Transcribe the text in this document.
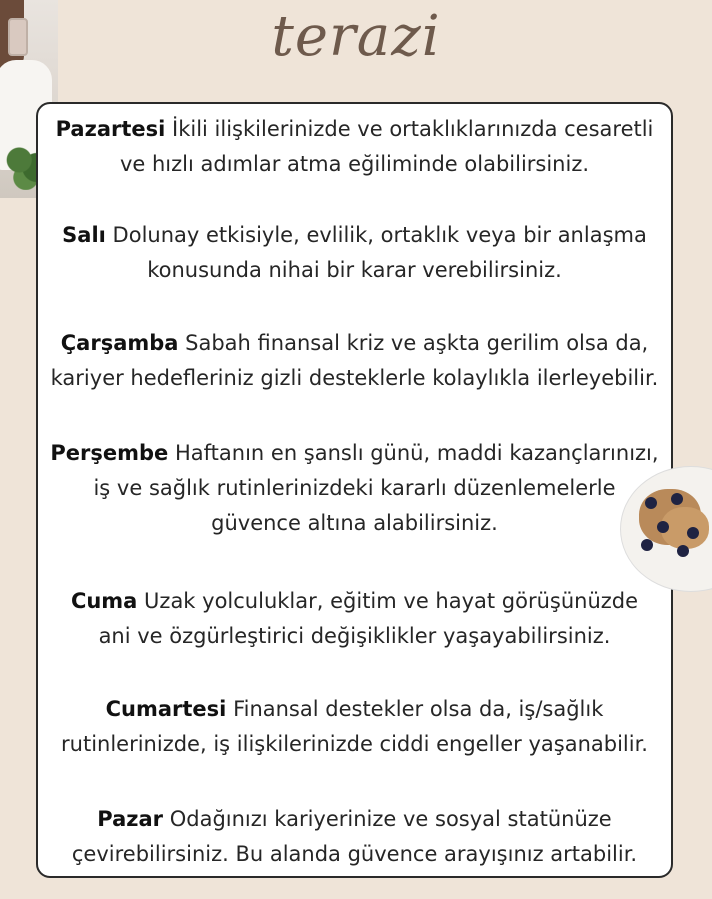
terazi
Pazartesi İkili ilişkilerinizde ve ortaklıklarınızda cesaretli
ve hızlı adımlar atma eğiliminde olabilirsiniz.
Salı Dolunay etkisiyle, evlilik, ortaklık veya bir anlaşma
konusunda nihai bir karar verebilirsiniz.
Çarşamba Sabah finansal kriz ve aşkta gerilim olsa da,
kariyer hedefleriniz gizli desteklerle kolaylıkla ilerleyebilir.
Perşembe Haftanın en şanslı günü, maddi kazançlarınızı,
iş ve sağlık rutinlerinizdeki kararlı düzenlemelerle
güvence altına alabilirsiniz.
Cuma Uzak yolculuklar, eğitim ve hayat görüşünüzde
ani ve özgürleştirici değişiklikler yaşayabilirsiniz.
Cumartesi Finansal destekler olsa da, iş/sağlık
rutinlerinizde, iş ilişkilerinizde ciddi engeller yaşanabilir.
Pazar Odağınızı kariyerinize ve sosyal statünüze
çevirebilirsiniz. Bu alanda güvence arayışınız artabilir.
